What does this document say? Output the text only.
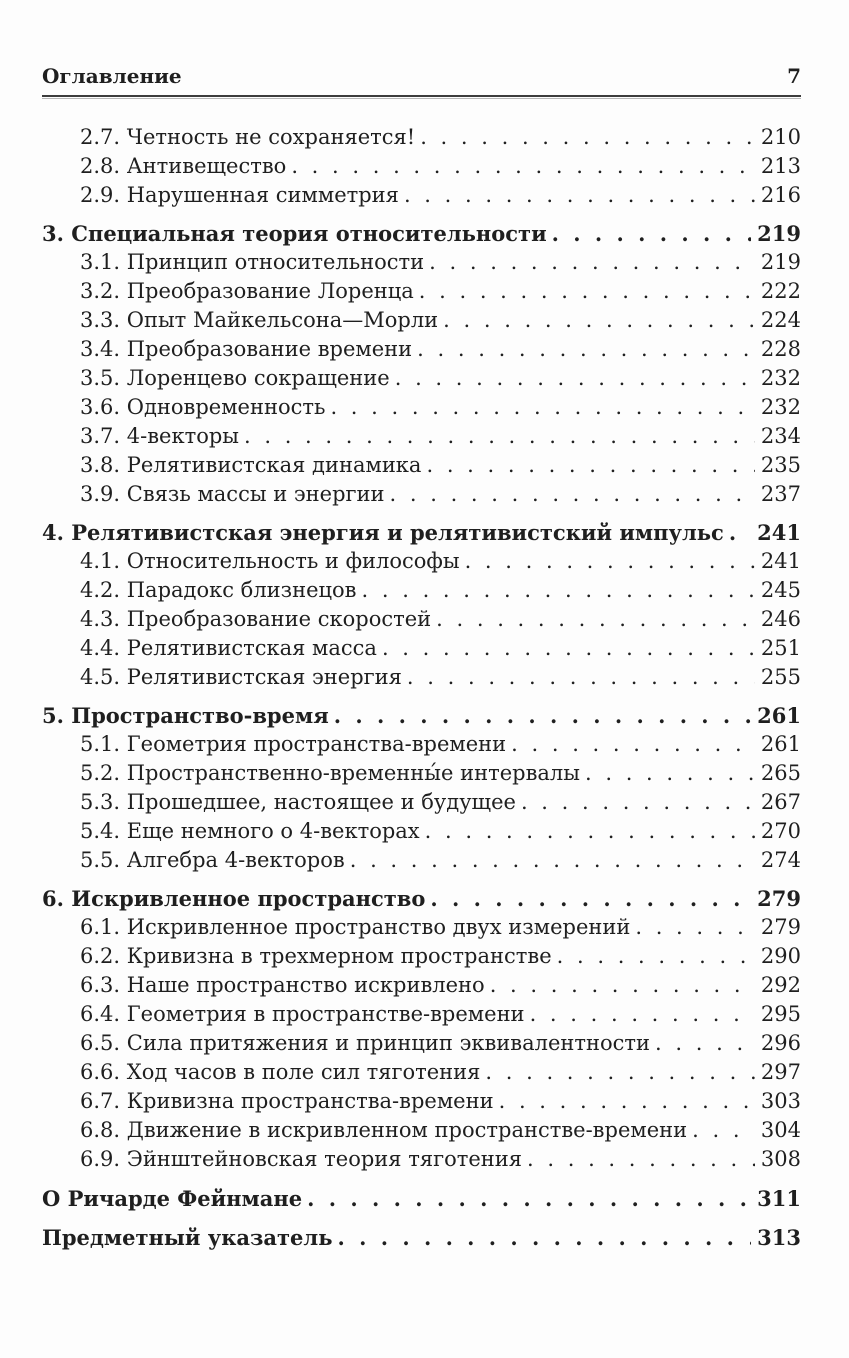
Оглавление	7
2.7. Четность не сохраняется! . . .	210
2.8. Антивещество . . .	213
2.9. Нарушенная симметрия . . .	216
3. Специальная теория относительности . . .	219
3.1. Принцип относительности . . .	219
3.2. Преобразование Лоренца . . .	222
3.3. Опыт Майкельсона—Морли . . .	224
3.4. Преобразование времени . . .	228
3.5. Лоренцево сокращение . . .	232
3.6. Одновременность . . .	232
3.7. 4-векторы . . .	234
3.8. Релятивистская динамика . . .	235
3.9. Связь массы и энергии . . .	237
4. Релятивистская энергия и релятивистский импульс . . . 241
4.1. Относительность и философы . . .	241
4.2. Парадокс близнецов . . .	245
4.3. Преобразование скоростей . . .	246
4.4. Релятивистская масса . . .	251
4.5. Релятивистская энергия . . .	255
5. Пространство-время . . .	261
5.1. Геометрия пространства-времени . . .	261
5.2. Пространственно-временны́е интервалы . . .	265
5.3. Прошедшее, настоящее и будущее . . .	267
5.4. Еще немного о 4-векторах . . .	270
5.5. Алгебра 4-векторов . . .	274
6. Искривленное пространство . . .	279
6.1. Искривленное пространство двух измерений . . .	279
6.2. Кривизна в трехмерном пространстве . . .	290
6.3. Наше пространство искривлено . . .	292
6.4. Геометрия в пространстве-времени . . .	295
6.5. Сила притяжения и принцип эквивалентности . . .	296
6.6. Ход часов в поле сил тяготения . . .	297
6.7. Кривизна пространства-времени . . .	303
6.8. Движение в искривленном пространстве-времени . . .	304
6.9. Эйнштейновская теория тяготения . . .	308
О Ричарде Фейнмане . . .	311
Предметный указатель . . .	313
